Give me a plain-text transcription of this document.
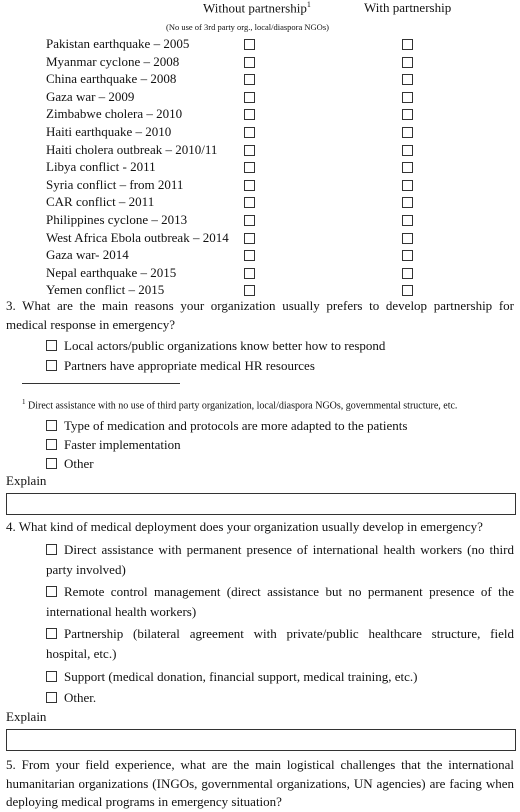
Without partnership$^1$
(No use of 3rd party org., local/diaspora NGOs)
With partnership
Pakistan earthquake – 2005
Myanmar cyclone – 2008
China earthquake – 2008
Gaza war – 2009
Zimbabwe cholera – 2010
Haiti earthquake – 2010
Haiti cholera outbreak – 2010/11
Libya conflict - 2011
Syria conflict – from 2011
CAR conflict – 2011
Philippines cyclone – 2013
West Africa Ebola outbreak – 2014
Gaza war- 2014
Nepal earthquake – 2015
Yemen conflict – 2015
3. What are the main reasons your organization usually prefers to develop partnership for medical response in emergency?
Local actors/public organizations know better how to respond
Partners have appropriate medical HR resources
$^1$ Direct assistance with no use of third party organization, local/diaspora NGOs, governmental structure, etc.
Type of medication and protocols are more adapted to the patients
Faster implementation
Other
Explain
4. What kind of medical deployment does your organization usually develop in emergency?
Direct assistance with permanent presence of international health workers (no third party involved)
Remote control management (direct assistance but no permanent presence of the international health workers)
Partnership (bilateral agreement with private/public healthcare structure, field hospital, etc.)
Support (medical donation, financial support, medical training, etc.)
Other.
Explain
5. From your field experience, what are the main logistical challenges that the international humanitarian organizations (INGOs, governmental organizations, UN agencies) are facing when deploying medical programs in emergency situation?
